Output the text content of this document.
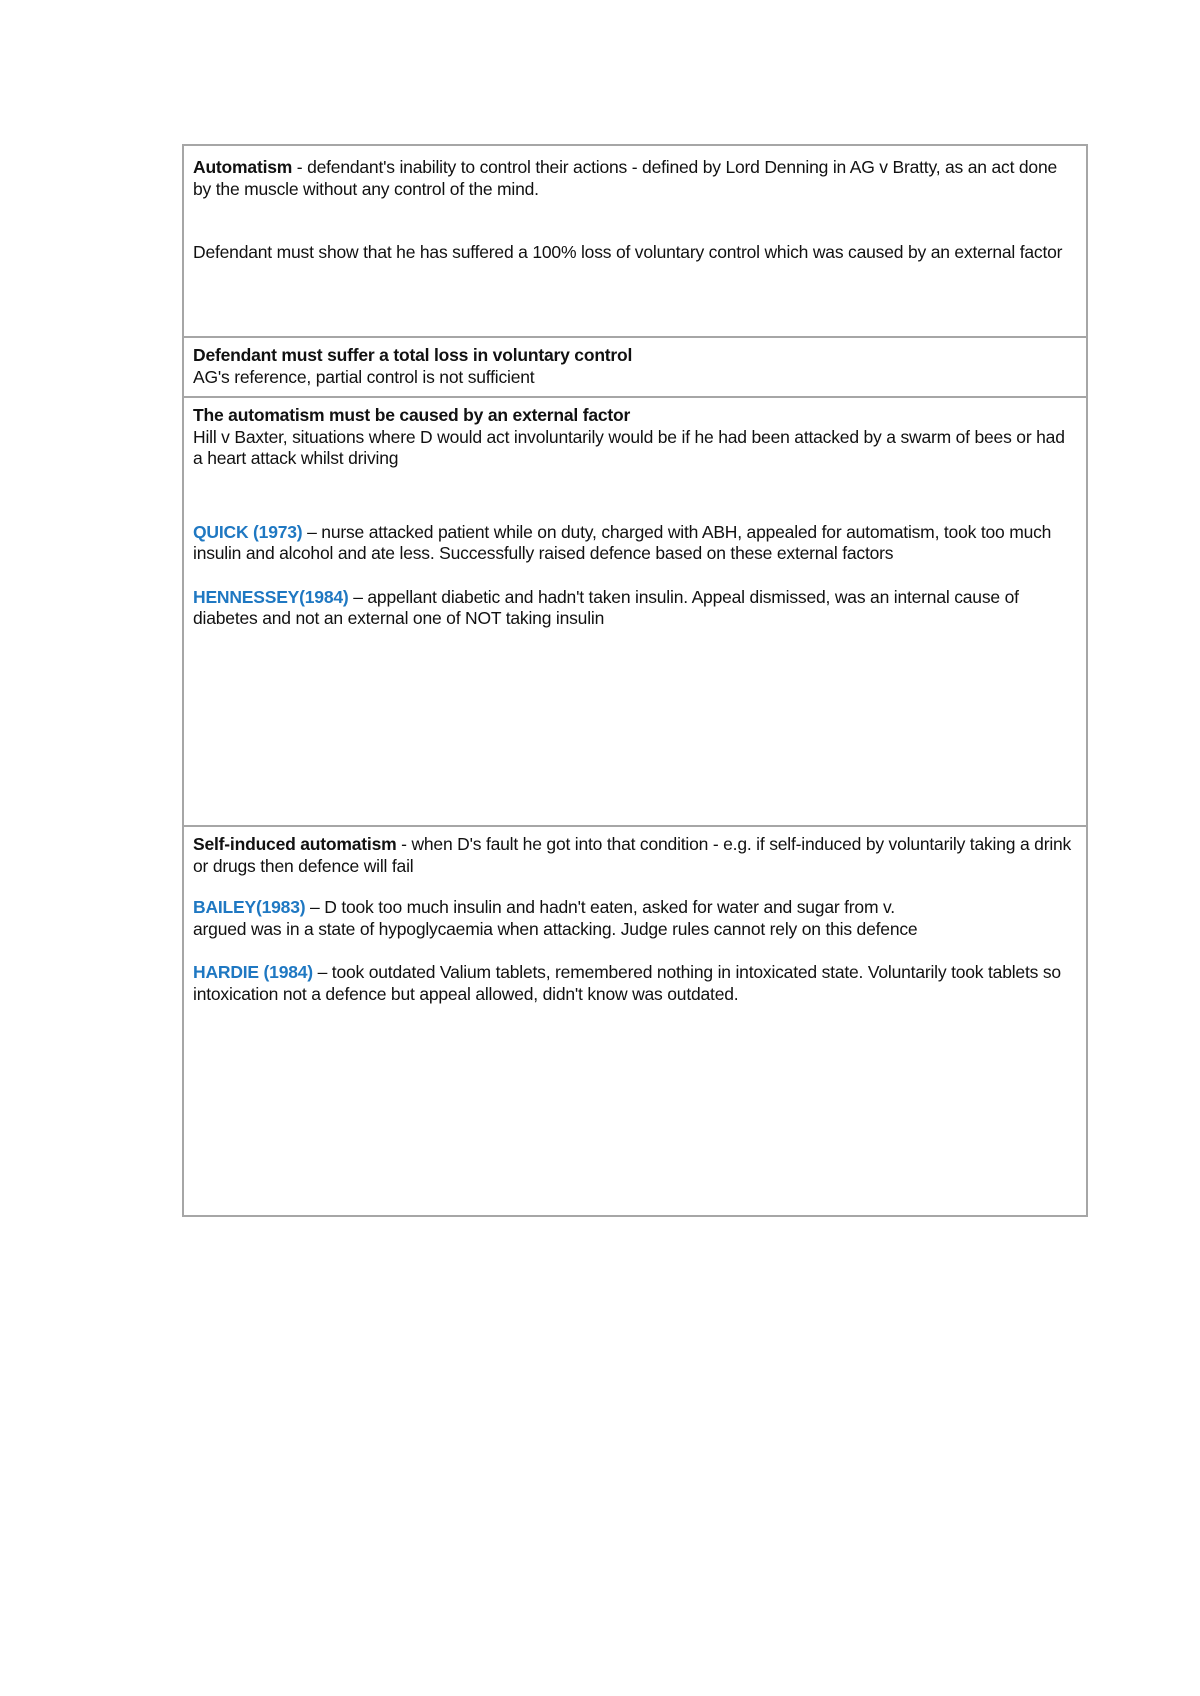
Automatism - defendant's inability to control their actions - defined by Lord Denning in AG v Bratty, as an act done by the muscle without any control of the mind.

Defendant must show that he has suffered a 100% loss of voluntary control which was caused by an external factor

Defendant must suffer a total loss in voluntary control

AG's reference, partial control is not sufficient

The automatism must be caused by an external factor

Hill v Baxter, situations where D would act involuntarily would be if he had been attacked by a swarm of bees or had a heart attack whilst driving

QUICK (1973) – nurse attacked patient while on duty, charged with ABH, appealed for automatism, took too much insulin and alcohol and ate less. Successfully raised defence based on these external factors

HENNESSEY(1984) – appellant diabetic and hadn't taken insulin. Appeal dismissed, was an internal cause of diabetes and not an external one of NOT taking insulin

Self-induced automatism - when D's fault he got into that condition - e.g. if self-induced by voluntarily taking a drink or drugs then defence will fail

BAILEY(1983) – D took too much insulin and hadn't eaten, asked for water and sugar from v.

argued was in a state of hypoglycaemia when attacking. Judge rules cannot rely on this defence

HARDIE (1984) – took outdated Valium tablets, remembered nothing in intoxicated state. Voluntarily took tablets so intoxication not a defence but appeal allowed, didn't know was outdated.
